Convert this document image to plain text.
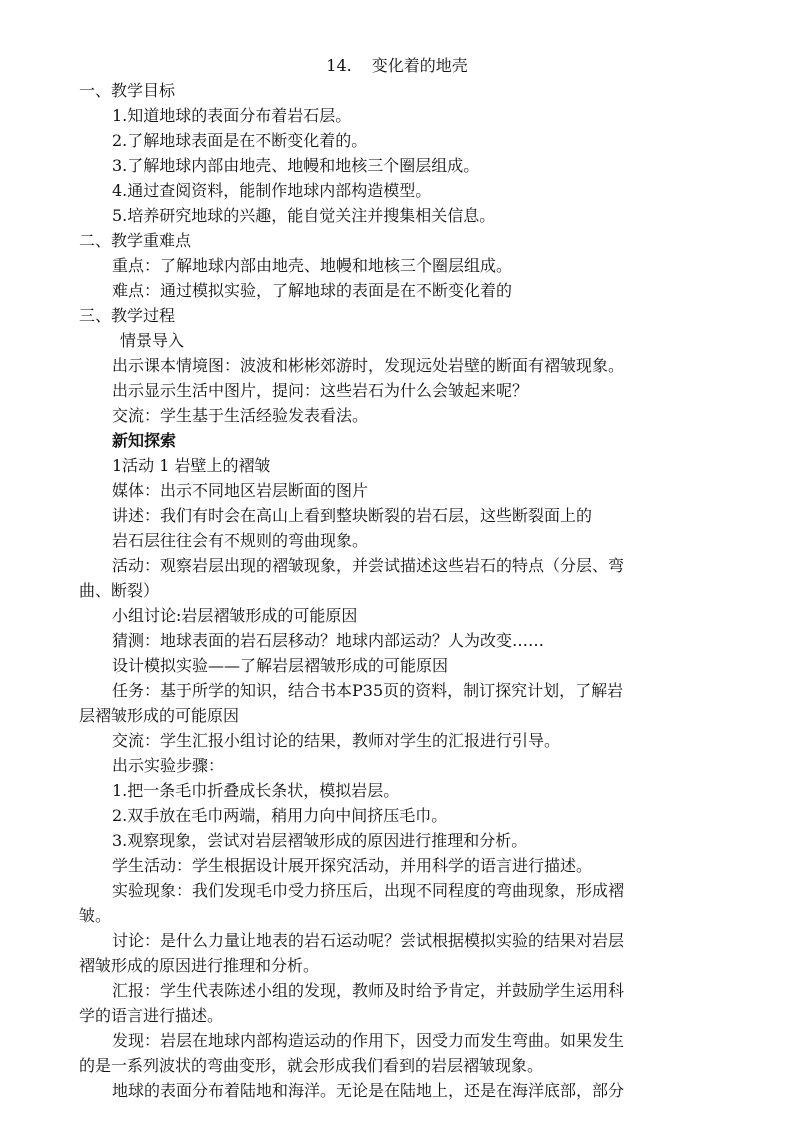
14. 变化着的地壳
一、教学目标
1.知道地球的表面分布着岩石层。
2.了解地球表面是在不断变化着的。
3.了解地球内部由地壳、地幔和地核三个圈层组成。
4.通过查阅资料，能制作地球内部构造模型。
5.培养研究地球的兴趣，能自觉关注并搜集相关信息。
二、教学重难点
重点：了解地球内部由地壳、地幔和地核三个圈层组成。
难点：通过模拟实验，了解地球的表面是在不断变化着的
三、教学过程
情景导入
出示课本情境图：波波和彬彬郊游时，发现远处岩壁的断面有褶皱现象。
出示显示生活中图片，提问：这些岩石为什么会皱起来呢？
交流：学生基于生活经验发表看法。
新知探索
1活动 1 岩壁上的褶皱
媒体：出示不同地区岩层断面的图片
讲述：我们有时会在高山上看到整块断裂的岩石层，这些断裂面上的
岩石层往往会有不规则的弯曲现象。
活动：观察岩层出现的褶皱现象，并尝试描述这些岩石的特点（分层、弯
曲、断裂）
小组讨论:岩层褶皱形成的可能原因
猜测：地球表面的岩石层移动？地球内部运动？人为改变……
设计模拟实验——了解岩层褶皱形成的可能原因
任务：基于所学的知识，结合书本P35页的资料，制订探究计划，了解岩
层褶皱形成的可能原因
交流：学生汇报小组讨论的结果，教师对学生的汇报进行引导。
出示实验步骤：
1.把一条毛巾折叠成长条状，模拟岩层。
2.双手放在毛巾两端，稍用力向中间挤压毛巾。
3.观察现象，尝试对岩层褶皱形成的原因进行推理和分析。
学生活动：学生根据设计展开探究活动，并用科学的语言进行描述。
实验现象：我们发现毛巾受力挤压后，出现不同程度的弯曲现象，形成褶
皱。
讨论：是什么力量让地表的岩石运动呢？尝试根据模拟实验的结果对岩层
褶皱形成的原因进行推理和分析。
汇报：学生代表陈述小组的发现，教师及时给予肯定，并鼓励学生运用科
学的语言进行描述。
发现：岩层在地球内部构造运动的作用下，因受力而发生弯曲。如果发生
的是一系列波状的弯曲变形，就会形成我们看到的岩层褶皱现象。
地球的表面分布着陆地和海洋。无论是在陆地上，还是在海洋底部，部分
